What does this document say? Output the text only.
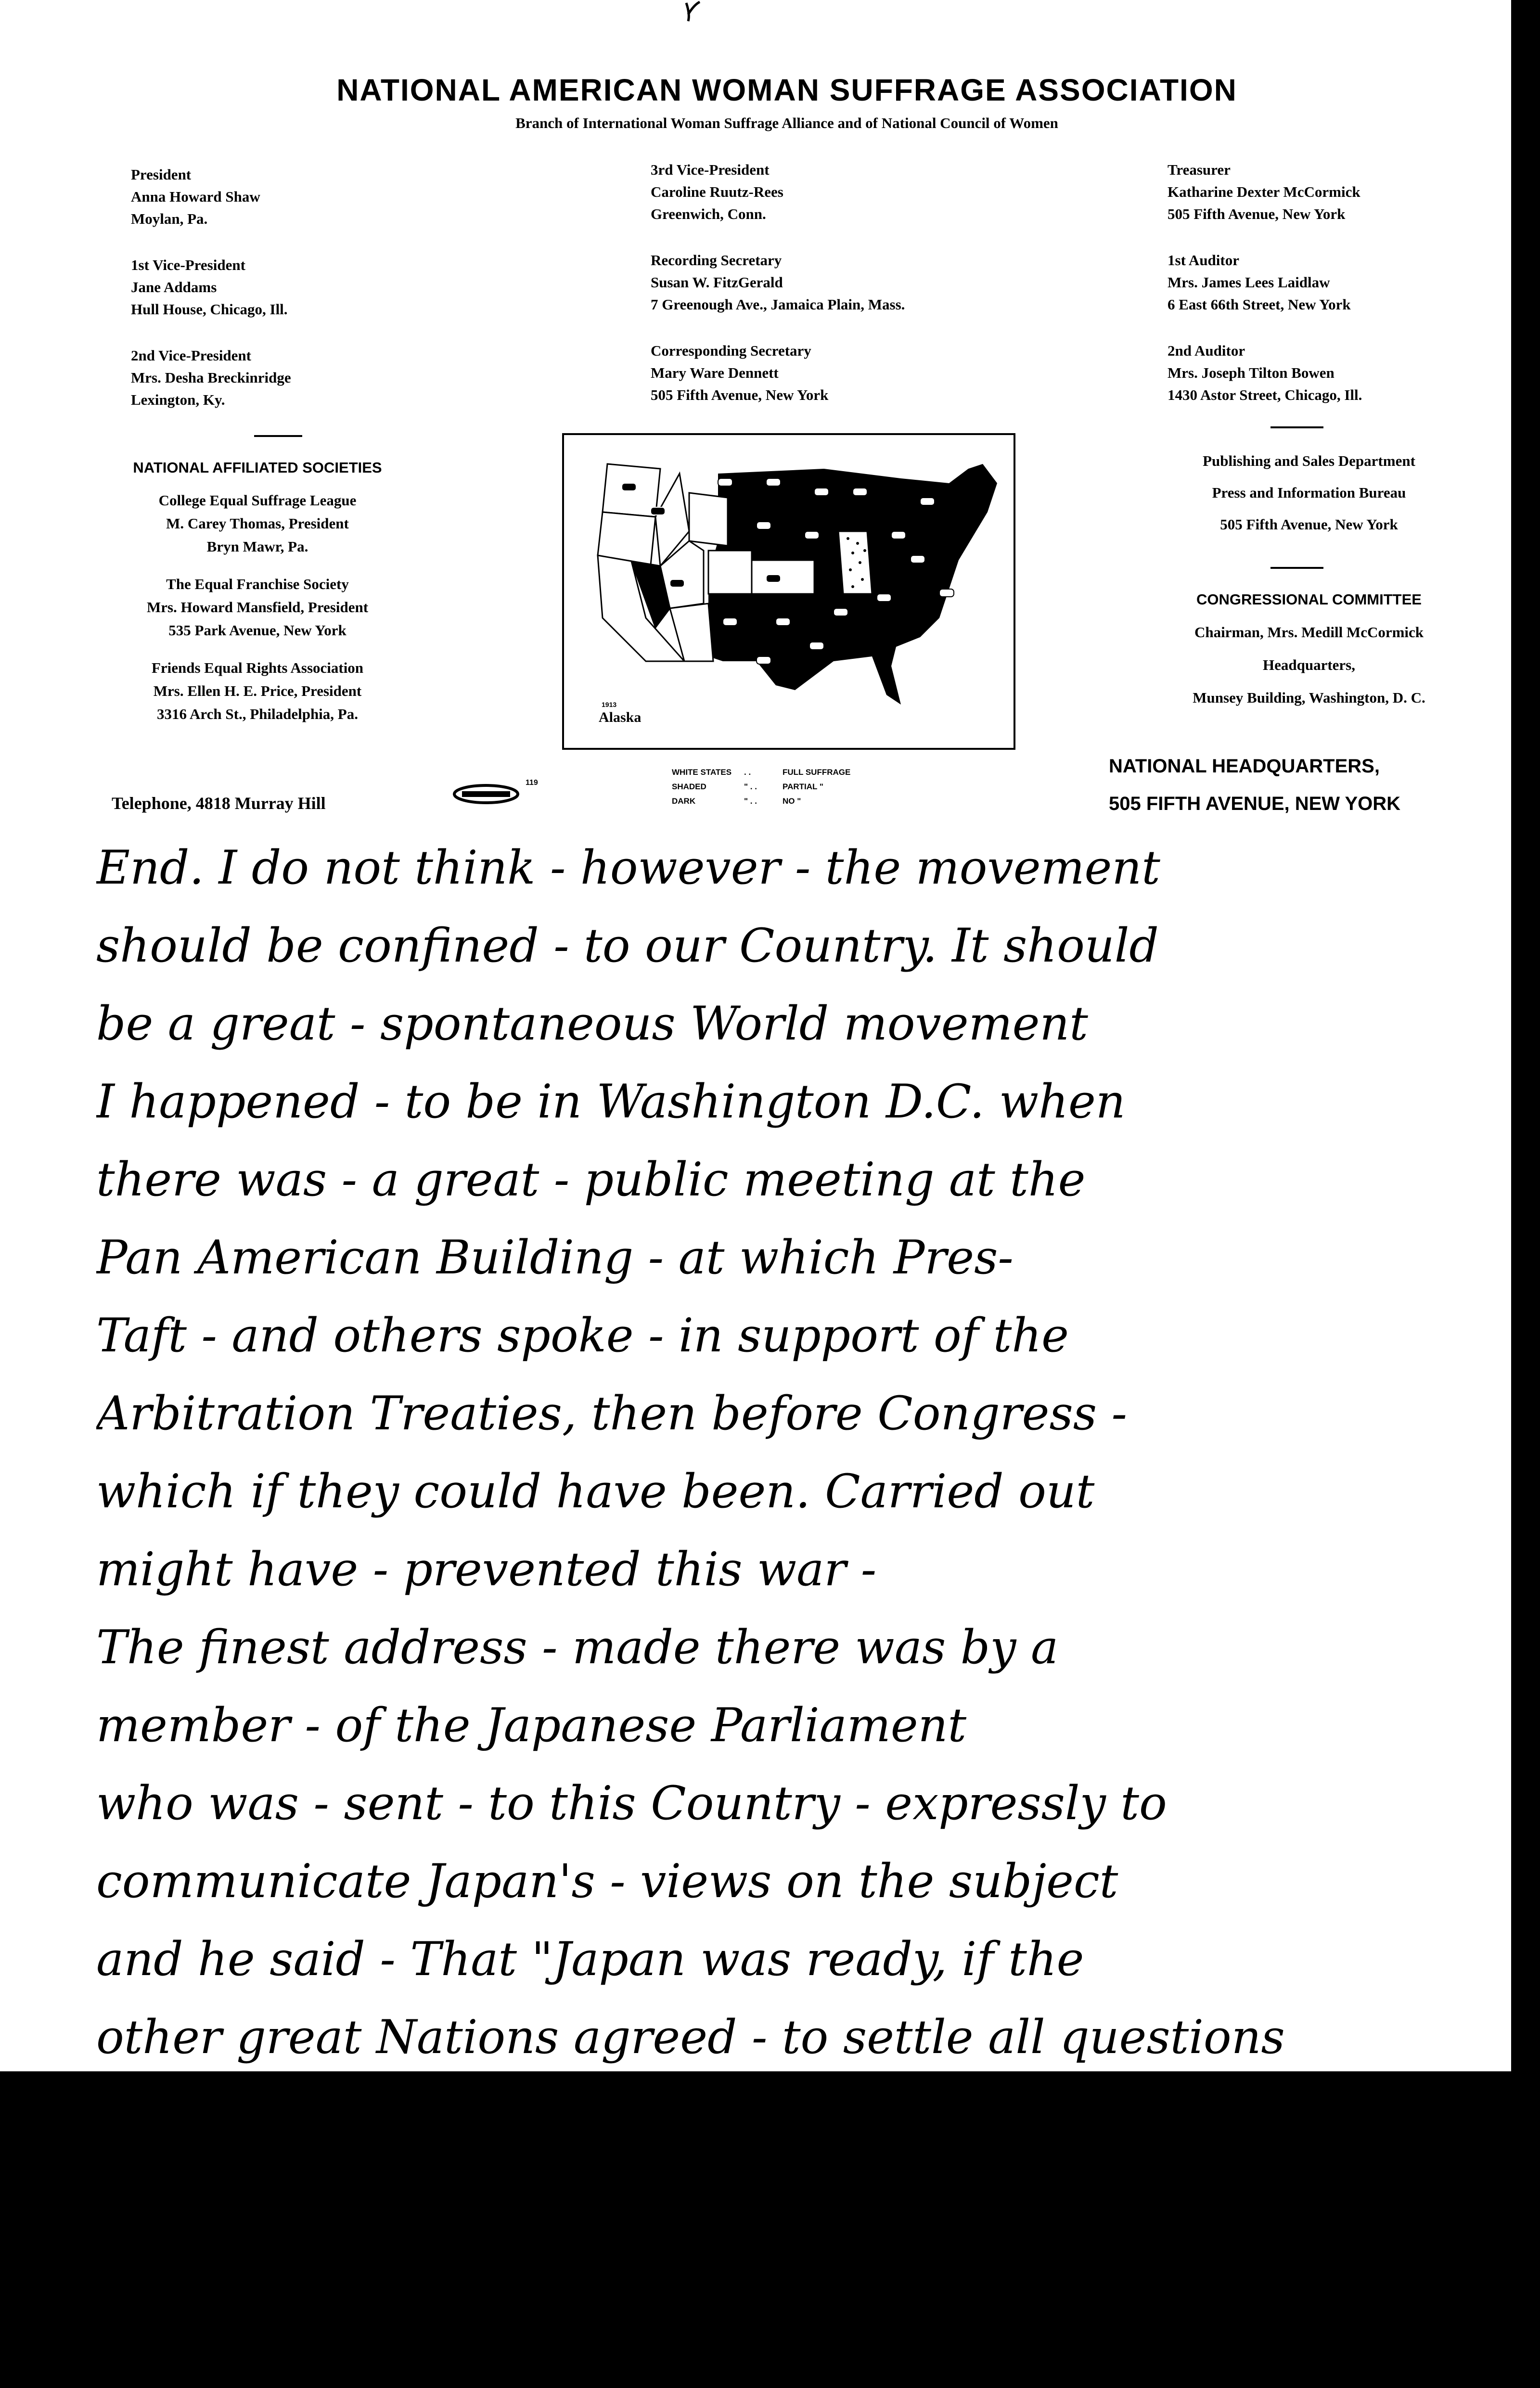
NATIONAL AMERICAN WOMAN SUFFRAGE ASSOCIATION
Branch of International Woman Suffrage Alliance and of National Council of Women
President
Anna Howard Shaw
Moylan, Pa.
1st Vice-President
Jane Addams
Hull House, Chicago, Ill.
2nd Vice-President
Mrs. Desha Breckinridge
Lexington, Ky.
3rd Vice-President
Caroline Ruutz-Rees
Greenwich, Conn.
Recording Secretary
Susan W. FitzGerald
7 Greenough Ave., Jamaica Plain, Mass.
Corresponding Secretary
Mary Ware Dennett
505 Fifth Avenue, New York
Treasurer
Katharine Dexter McCormick
505 Fifth Avenue, New York
1st Auditor
Mrs. James Lees Laidlaw
6 East 66th Street, New York
2nd Auditor
Mrs. Joseph Tilton Bowen
1430 Astor Street, Chicago, Ill.
NATIONAL AFFILIATED SOCIETIES
College Equal Suffrage League
M. Carey Thomas, President
Bryn Mawr, Pa.
The Equal Franchise Society
Mrs. Howard Mansfield, President
535 Park Avenue, New York
Friends Equal Rights Association
Mrs. Ellen H. E. Price, President
3316 Arch St., Philadelphia, Pa.
Publishing and Sales Department
Press and Information Bureau
505 Fifth Avenue, New York
CONGRESSIONAL COMMITTEE
Chairman, Mrs. Medill McCormick
Headquarters,
Munsey Building, Washington, D. C.
1913
Alaska
WHITE STATES . .	FULL SUFFRAGE
SHADED	" . .	PARTIAL "
DARK	" . .	NO "
Telephone, 4818 Murray Hill
119
NATIONAL HEADQUARTERS,
505 FIFTH AVENUE, NEW YORK
End. I do not think - however - the movement
should be confined - to our Country. It should
be a great - spontaneous World movement
I happened - to be in Washington D.C. when
there was - a great - public meeting at the
Pan American Building - at which Pres-
Taft - and others spoke - in support of the
Arbitration Treaties, then before Congress -
which if they could have been. Carried out
might have - prevented this war -
The finest address - made there was by a
member - of the Japanese Parliament
who was - sent - to this Country - expressly to
communicate Japan's - views on the subject
and he said - That "Japan was ready, if the
other great Nations agreed - to settle all questions
by arbitration, instead of war; Japan would
also - sign such - Treaties -
This War is terrible, but perhaps it - needed this
culmination of the War Spirit - involving so
